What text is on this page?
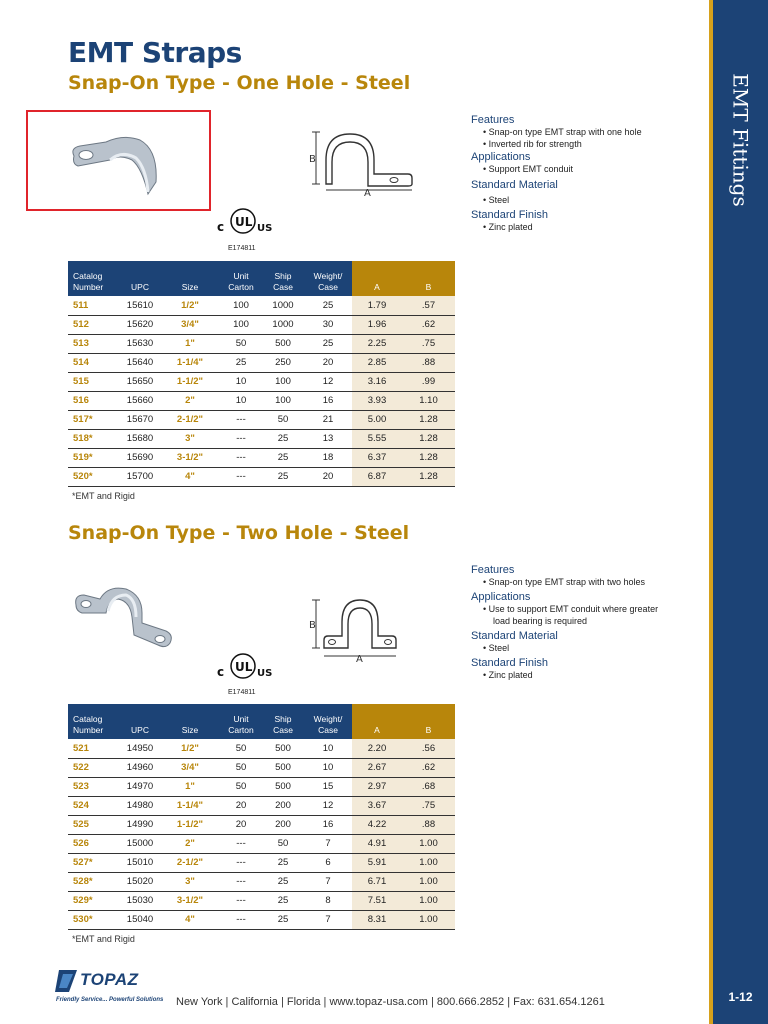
EMT Fittings
1-12
EMT Straps
Snap-On Type - One Hole - Steel
B
A
UL
c	US
E174811
Features
• Snap-on type EMT strap with one hole
• Inverted rib for strength
Applications
• Support EMT conduit
Standard Material
• Steel
Standard Finish
• Zinc plated
Catalog
Number	UPC	Size	Unit
Carton	Ship
Case	Weight/
Case	A	B
511	15610	1/2"	100	1000	25	1.79	.57
512	15620	3/4"	100	1000	30	1.96	.62
513	15630	1"	50	500	25	2.25	.75
514	15640	1-1/4"	25	250	20	2.85	.88
515	15650	1-1/2"	10	100	12	3.16	.99
516	15660	2"	10	100	16	3.93	1.10
517*	15670	2-1/2"	---	50	21	5.00	1.28
518*	15680	3"	---	25	13	5.55	1.28
519*	15690	3-1/2"	---	25	18	6.37	1.28
520*	15700	4"	---	25	20	6.87	1.28
*EMT and Rigid
Snap-On Type - Two Hole - Steel
B
A
UL
c	US
E174811
Features
• Snap-on type EMT strap with two holes
Applications
• Use to support EMT conduit where greater
load bearing is required
Standard Material
• Steel
Standard Finish
• Zinc plated
Catalog
Number	UPC	Size	Unit
Carton	Ship
Case	Weight/
Case	A	B
521	14950	1/2"	50	500	10	2.20	.56
522	14960	3/4"	50	500	10	2.67	.62
523	14970	1"	50	500	15	2.97	.68
524	14980	1-1/4"	20	200	12	3.67	.75
525	14990	1-1/2"	20	200	16	4.22	.88
526	15000	2"	---	50	7	4.91	1.00
527*	15010	2-1/2"	---	25	6	5.91	1.00
528*	15020	3"	---	25	7	6.71	1.00
529*	15030	3-1/2"	---	25	8	7.51	1.00
530*	15040	4"	---	25	7	8.31	1.00
*EMT and Rigid
TOPAZ
Friendly Service... Powerful Solutions New York | California | Florida | www.topaz-usa.com | 800.666.2852 | Fax: 631.654.1261
